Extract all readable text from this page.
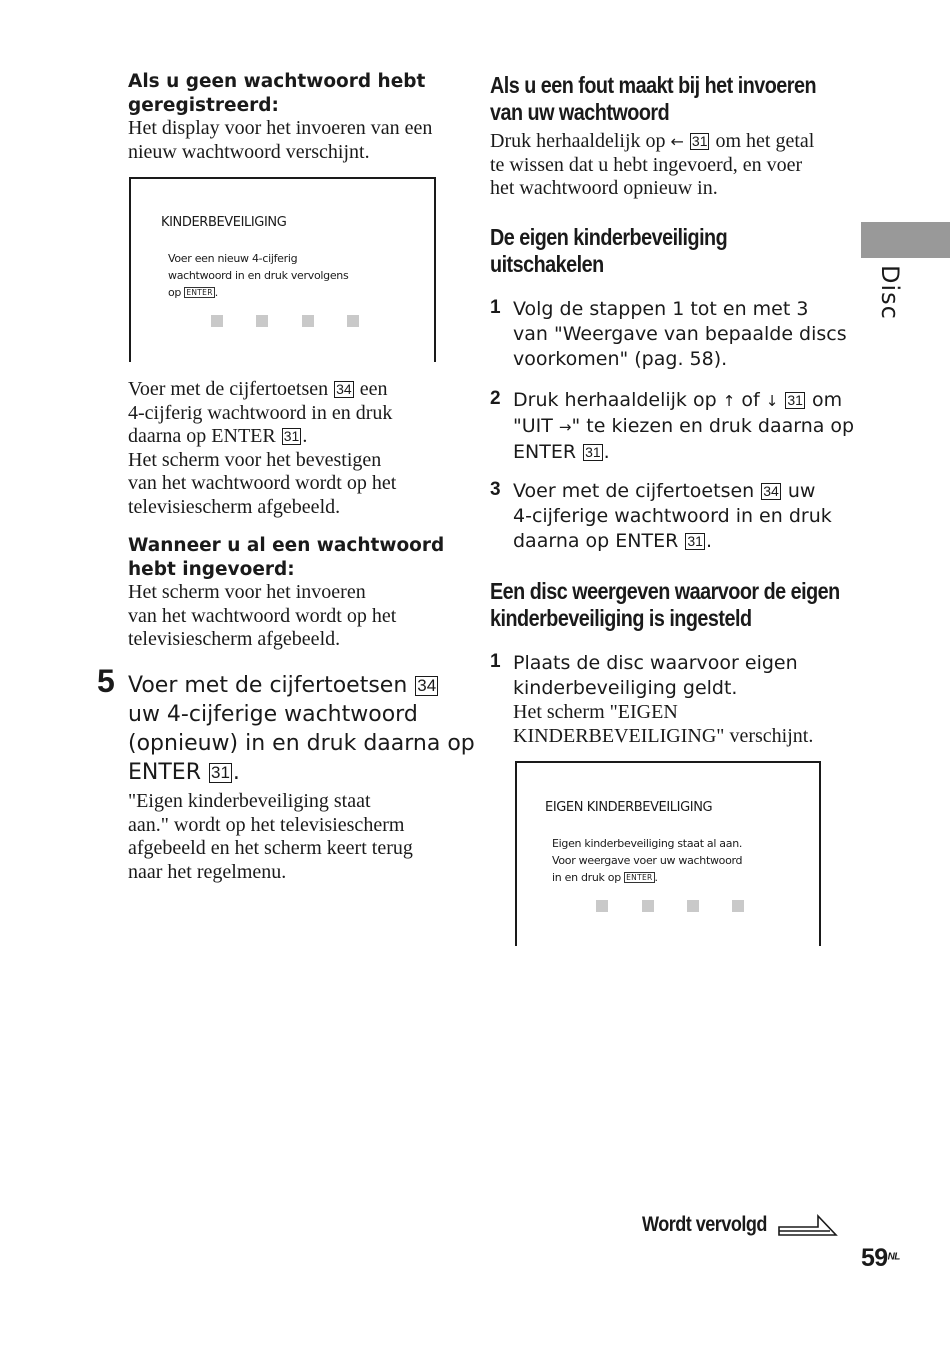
Als u geen wachtwoord hebt
geregistreerd:
Het display voor het invoeren van een
nieuw wachtwoord verschijnt.
KINDERBEVEILIGING
Voer een nieuw 4-cijferig
wachtwoord in en druk vervolgens
op ENTER .
Voer met de cijfertoetsen 34 een
4-cijferig wachtwoord in en druk
daarna op ENTER 31 .
Het scherm voor het bevestigen
van het wachtwoord wordt op het
televisiescherm afgebeeld.
Wanneer u al een wachtwoord
hebt ingevoerd:
Het scherm voor het invoeren
van het wachtwoord wordt op het
televisiescherm afgebeeld.
5 Voer met de cijfertoetsen 34
uw 4-cijferige wachtwoord
(opnieuw) in en druk daarna op
ENTER 31 .
"Eigen kinderbeveiliging staat
aan." wordt op het televisiescherm
afgebeeld en het scherm keert terug
naar het regelmenu.
Als u een fout maakt bij het invoeren
van uw wachtwoord
Druk herhaaldelijk op ← 31 om het getal
te wissen dat u hebt ingevoerd, en voer
het wachtwoord opnieuw in.
De eigen kinderbeveiliging
uitschakelen
1 Volg de stappen 1 tot en met 3
van "Weergave van bepaalde discs
voorkomen" (pag. 58).
2 Druk herhaaldelijk op ↑ of ↓ 31 om
"UIT →" te kiezen en druk daarna op
ENTER 31 .
3 Voer met de cijfertoetsen 34 uw
4-cijferige wachtwoord in en druk
daarna op ENTER 31 .
Een disc weergeven waarvoor de eigen
kinderbeveiliging is ingesteld
1 Plaats de disc waarvoor eigen
kinderbeveiliging geldt.
Het scherm "EIGEN
KINDERBEVEILIGING" verschijnt.
EIGEN KINDERBEVEILIGING
Eigen kinderbeveiliging staat al aan.
Voor weergave voer uw wachtwoord
in en druk op ENTER .
Disc
Wordt vervolgd
$59^{NL}$
